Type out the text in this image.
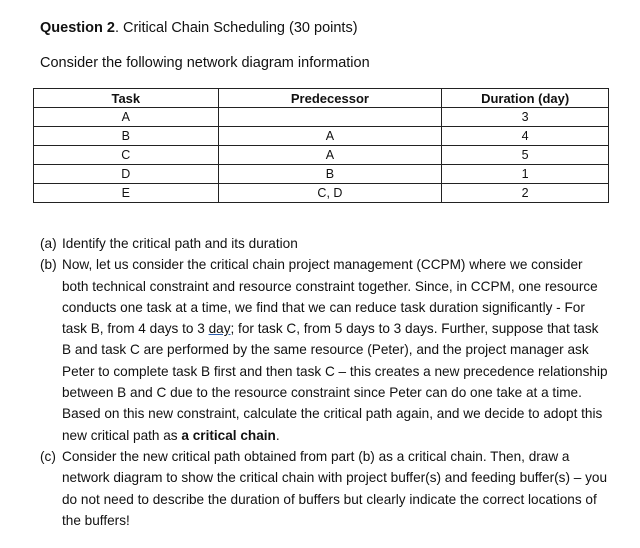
Question 2. Critical Chain Scheduling (30 points)
Consider the following network diagram information
Task	Predecessor	Duration (day)
A		3
B	A	4
C	A	5
D	B	1
E	C, D	2
(a) Identify the critical path and its duration

(b) Now, let us consider the critical chain project management (CCPM) where we consider both technical constraint and resource constraint together. Since, in CCPM, one resource conducts one task at a time, we find that we can reduce task duration significantly - For task B, from 4 days to 3 day; for task C, from 5 days to 3 days. Further, suppose that task B and task C are performed by the same resource (Peter), and the project manager ask Peter to complete task B first and then task C – this creates a new precedence relationship between B and C due to the resource constraint since Peter can do one take at a time. Based on this new constraint, calculate the critical path again, and we decide to adopt this new critical path as a critical chain.

(c) Consider the new critical path obtained from part (b) as a critical chain. Then, draw a network diagram to show the critical chain with project buffer(s) and feeding buffer(s) – you do not need to describe the duration of buffers but clearly indicate the correct locations of the buffers!
